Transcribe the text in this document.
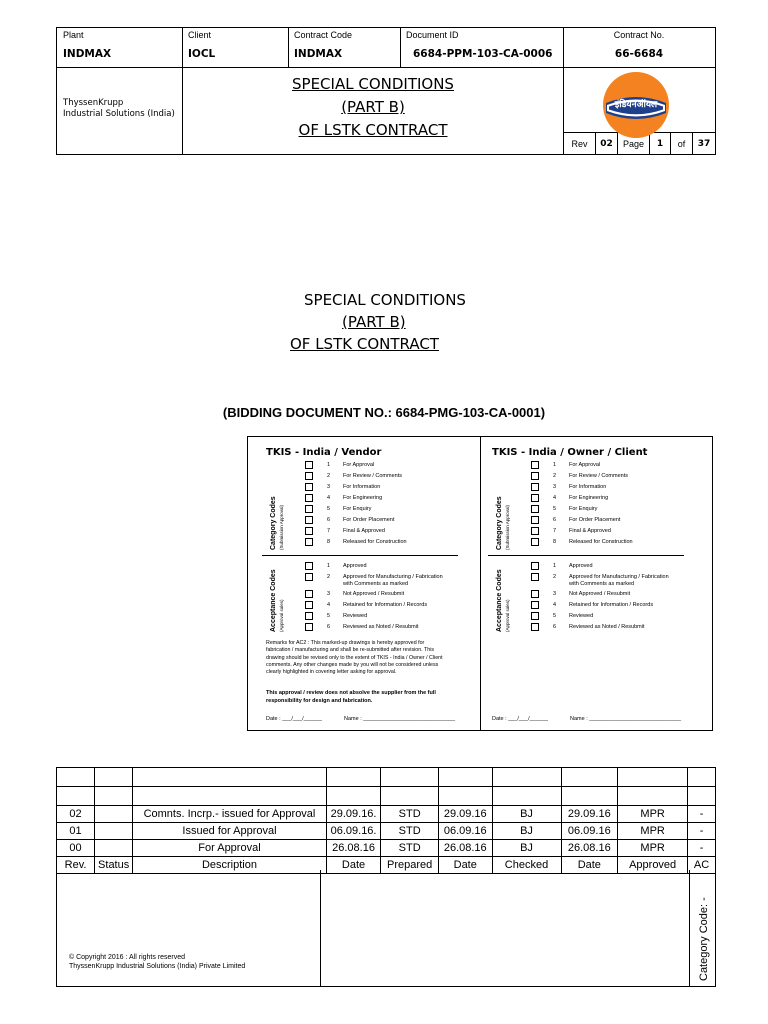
Plant
INDMAX
Client
IOCL
Contract Code
INDMAX
Document ID
6684-PPM-103-CA-0006
Contract No.
66-6684
ThyssenKrupp
Industrial Solutions (India)
SPECIAL CONDITIONS
(PART B)
OF LSTK CONTRACT
Rev	02	Page	1	of	37
इंडियनऑयल
SPECIAL CONDITIONS
(PART B)
OF LSTK CONTRACT
(BIDDING DOCUMENT NO.: 6684-PMG-103-CA-0001)
TKIS - India / Vendor
Category Codes (Submission Approval)
Acceptance Codes (Approval sales)
1 For Approval
2 For Review / Comments
3 For Information
4 For Engineering
5 For Enquiry
6 For Order Placement
7 Final & Approved
8 Released for Construction
1 Approved
2 Approved for Manufacturing / Fabrication
with Comments as marked
3 Not Approved / Resubmit
4 Retained for Information / Records
5 Reviewed
6 Reviewed as Noted / Resubmit
Remarks for AC2 : This marked-up drawings is hereby approved for
fabrication / manufacturing and shall be re-submitted after revision. This
drawing should be revised only to the extent of TKIS - India / Owner / Client
comments. Any other changes made by you will not be considered unless
clearly highlighted in covering letter asking for approval.
This approval / review does not absolve the supplier from the full
responsibility for design and fabrication.
Date : ___/___/______	Name : ______________________________
TKIS - India / Owner / Client
Category Codes (Submission Approval)
Acceptance Codes (Approval sales)
1 For Approval
2 For Review / Comments
3 For Information
4 For Engineering
5 For Enquiry
6 For Order Placement
7 Final & Approved
8 Released for Construction
1 Approved
2 Approved for Manufacturing / Fabrication
with Comments as marked
3 Not Approved / Resubmit
4 Retained for Information / Records
5 Reviewed
6 Reviewed as Noted / Resubmit
Date : ___/___/______	Name : ______________________________

02		Comnts. Incrp.- issued for Approval	29.09.16.	STD	29.09.16	BJ	29.09.16	MPR	-
01		Issued for Approval	06.09.16.	STD	06.09.16	BJ	06.09.16	MPR	-
00		For Approval	26.08.16	STD	26.08.16	BJ	26.08.16	MPR	-
Rev.	Status	Description	Date	Prepared	Date	Checked	Date	Approved	AC
© Copyright 2016 : All rights reserved
ThyssenKrupp Industrial Solutions (India) Private Limited	Category Code: -
